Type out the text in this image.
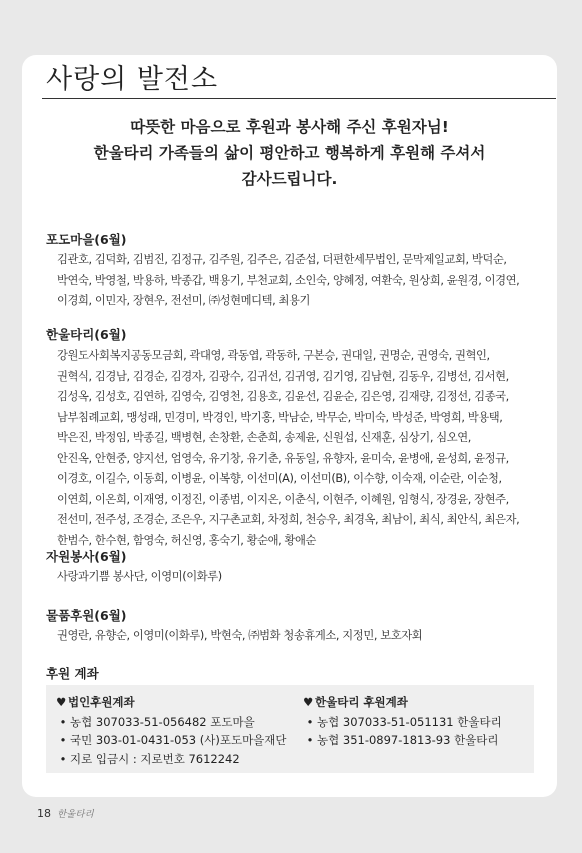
사랑의 발전소
따뜻한 마음으로 후원과 봉사해 주신 후원자님!
한울타리 가족들의 삶이 평안하고 행복하게 후원해 주셔서
감사드립니다.
포도마을(6월)
김관호, 김덕화, 김범진, 김정규, 김주원, 김주은, 김준섭, 더편한세무법인, 문막제일교회, 박덕순,
박연숙, 박영철, 박용하, 박종갑, 백용기, 부천교회, 소인숙, 양혜정, 여환숙, 원상희, 윤원경, 이경연,
이경희, 이민자, 장현우, 전선미, ㈜성현메디텍, 최용기
한울타리(6월)
강원도사회복지공동모금회, 곽대영, 곽동엽, 곽동하, 구본승, 권대일, 권명순, 권영숙, 권혁인,
권혁식, 김경남, 김경순, 김경자, 김광수, 김귀선, 김귀영, 김기영, 김남현, 김동우, 김병선, 김서현,
김성옥, 김성호, 김연하, 김영숙, 김영천, 김용호, 김윤선, 김윤순, 김은영, 김재량, 김정선, 김종국,
남부침례교회, 맹성래, 민경미, 박경인, 박기홍, 박남순, 박무순, 박미숙, 박성준, 박영희, 박용택,
박은진, 박정임, 박종길, 백병현, 손창환, 손춘희, 송제윤, 신원섭, 신재훈, 심상기, 심오연,
안진옥, 안현중, 양지선, 엄영숙, 유기창, 유기춘, 유동일, 유향자, 윤미숙, 윤병애, 윤성희, 윤정규,
이경호, 이길수, 이동희, 이병윤, 이복향, 이선미(A), 이선미(B), 이수향, 이숙재, 이순란, 이순청,
이연희, 이온희, 이재영, 이정진, 이종범, 이지온, 이춘식, 이현주, 이혜원, 임형식, 장경윤, 장현주,
전선미, 전주성, 조경순, 조은우, 지구촌교회, 차정희, 천승우, 최경옥, 최남이, 최식, 최안식, 최은자,
한범수, 한수현, 함영숙, 허신영, 홍숙기, 황순애, 황애순
자원봉사(6월)
사랑과기쁨 봉사단, 이영미(이화루)
물품후원(6월)
권영란, 유향순, 이영미(이화루), 박현숙, ㈜범화 청송휴게소, 지정민, 보호자회
후원 계좌
♥ 법인후원계좌
• 농협 307033-51-056482 포도마을
• 국민 303-01-0431-053 (사)포도마을재단
• 지로 입금시 : 지로번호 7612242
♥ 한울타리 후원계좌
• 농협 307033-51-051131 한울타리
• 농협 351-0897-1813-93 한울타리
18 한울타리
